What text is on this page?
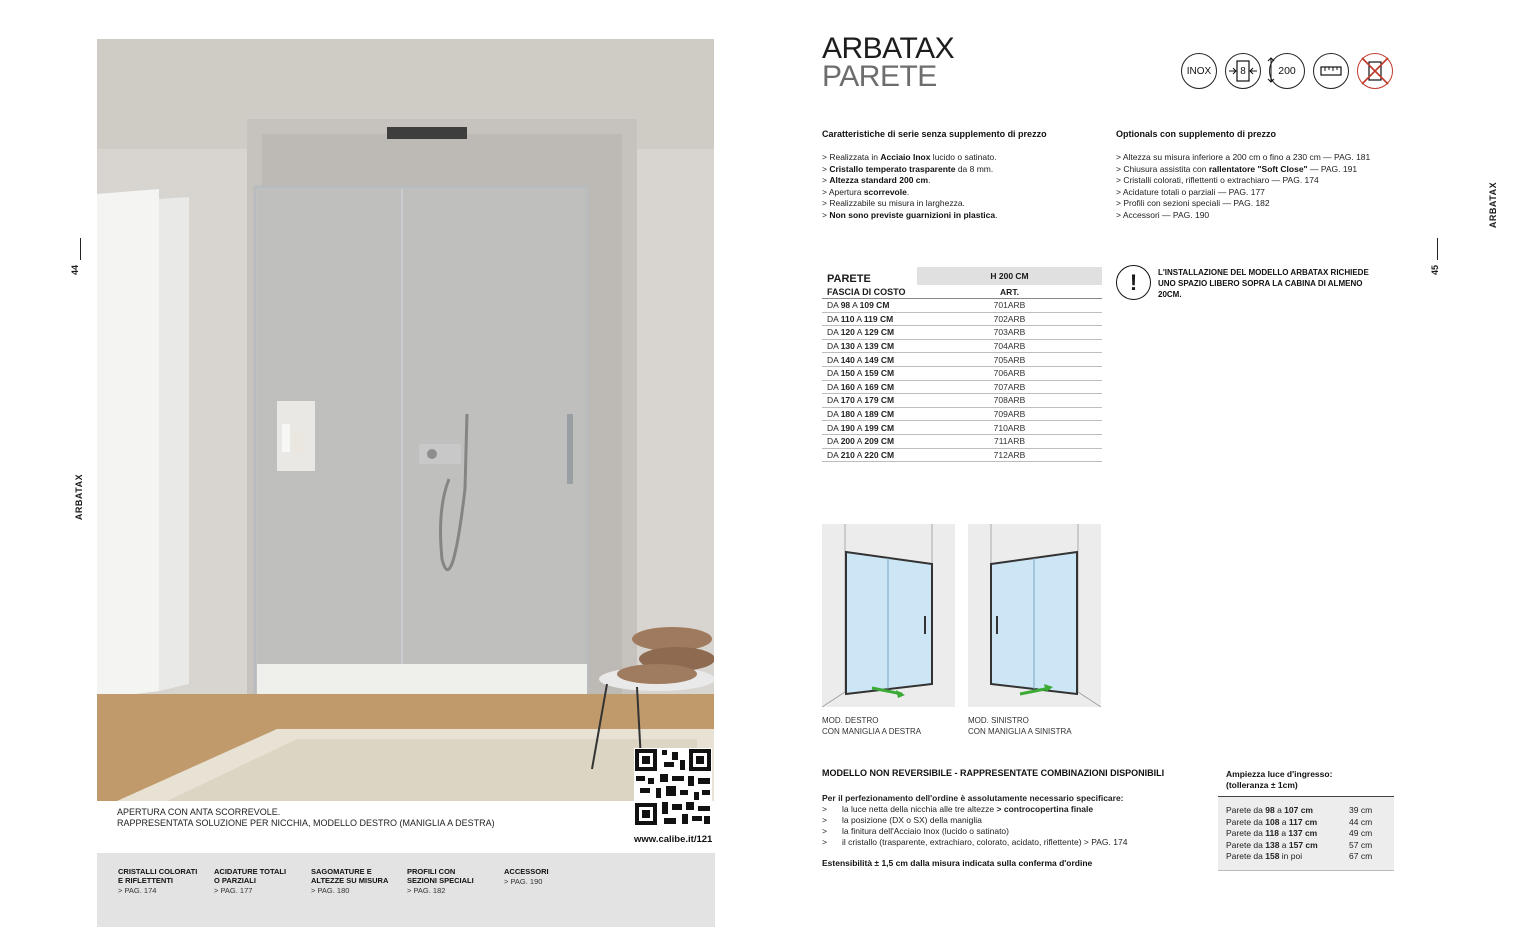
44
ARBATAX
APERTURA CON ANTA SCORREVOLE.
RAPPRESENTATA SOLUZIONE PER NICCHIA, MODELLO DESTRO (MANIGLIA A DESTRA)
www.calibe.it/121
CRISTALLI COLORATI
E RIFLETTENTI
> PAG. 174
ACIDATURE TOTALI
O PARZIALI
> PAG. 177
SAGOMATURE E
ALTEZZE SU MISURA
> PAG. 180
PROFILI CON
SEZIONI SPECIALI
> PAG. 182
ACCESSORI
> PAG. 190
ARBATAX
45
ARBATAX
PARETE	INOX	8	200
Caratteristiche di serie senza supplemento di prezzo
> Realizzata in Acciaio Inox lucido o satinato.
> Cristallo temperato trasparente da 8 mm.
> Altezza standard 200 cm.
> Apertura scorrevole.
> Realizzabile su misura in larghezza.
> Non sono previste guarnizioni in plastica.
Optionals con supplemento di prezzo
> Altezza su misura inferiore a 200 cm o fino a 230 cm — PAG. 181
> Chiusura assistita con rallentatore "Soft Close" — PAG. 191
> Cristalli colorati, riflettenti o extrachiaro — PAG. 174
> Acidature totali o parziali — PAG. 177
> Profili con sezioni speciali — PAG. 182
> Accessori — PAG. 190
PARETE	H 200 CM
FASCIA DI COSTO	ART.
DA 98 A 109 CM	701ARB
DA 110 A 119 CM	702ARB
DA 120 A 129 CM	703ARB
DA 130 A 139 CM	704ARB
DA 140 A 149 CM	705ARB
DA 150 A 159 CM	706ARB
DA 160 A 169 CM	707ARB
DA 170 A 179 CM	708ARB
DA 180 A 189 CM	709ARB
DA 190 A 199 CM	710ARB
DA 200 A 209 CM	711ARB
DA 210 A 220 CM	712ARB
!	L'INSTALLAZIONE DEL MODELLO ARBATAX RICHIEDE UNO SPAZIO LIBERO SOPRA LA CABINA DI ALMENO 20CM.
MOD. DESTRO
CON MANIGLIA A DESTRA
MOD. SINISTRO
CON MANIGLIA A SINISTRA
MODELLO NON REVERSIBILE - RAPPRESENTATE COMBINAZIONI DISPONIBILI
Per il perfezionamento dell'ordine è assolutamente necessario specificare:
>	la luce netta della nicchia alle tre altezze > controcopertina finale
>	la posizione (DX o SX) della maniglia
>	la finitura dell'Acciaio Inox (lucido o satinato)
>	il cristallo (trasparente, extrachiaro, colorato, acidato, riflettente) > PAG. 174
Estensibilità ± 1,5 cm dalla misura indicata sulla conferma d'ordine
Ampiezza luce d'ingresso:
(tolleranza ± 1cm)
Parete da 98 a 107 cm	39 cm
Parete da 108 a 117 cm	44 cm
Parete da 118 a 137 cm	49 cm
Parete da 138 a 157 cm	57 cm
Parete da 158 in poi	67 cm
